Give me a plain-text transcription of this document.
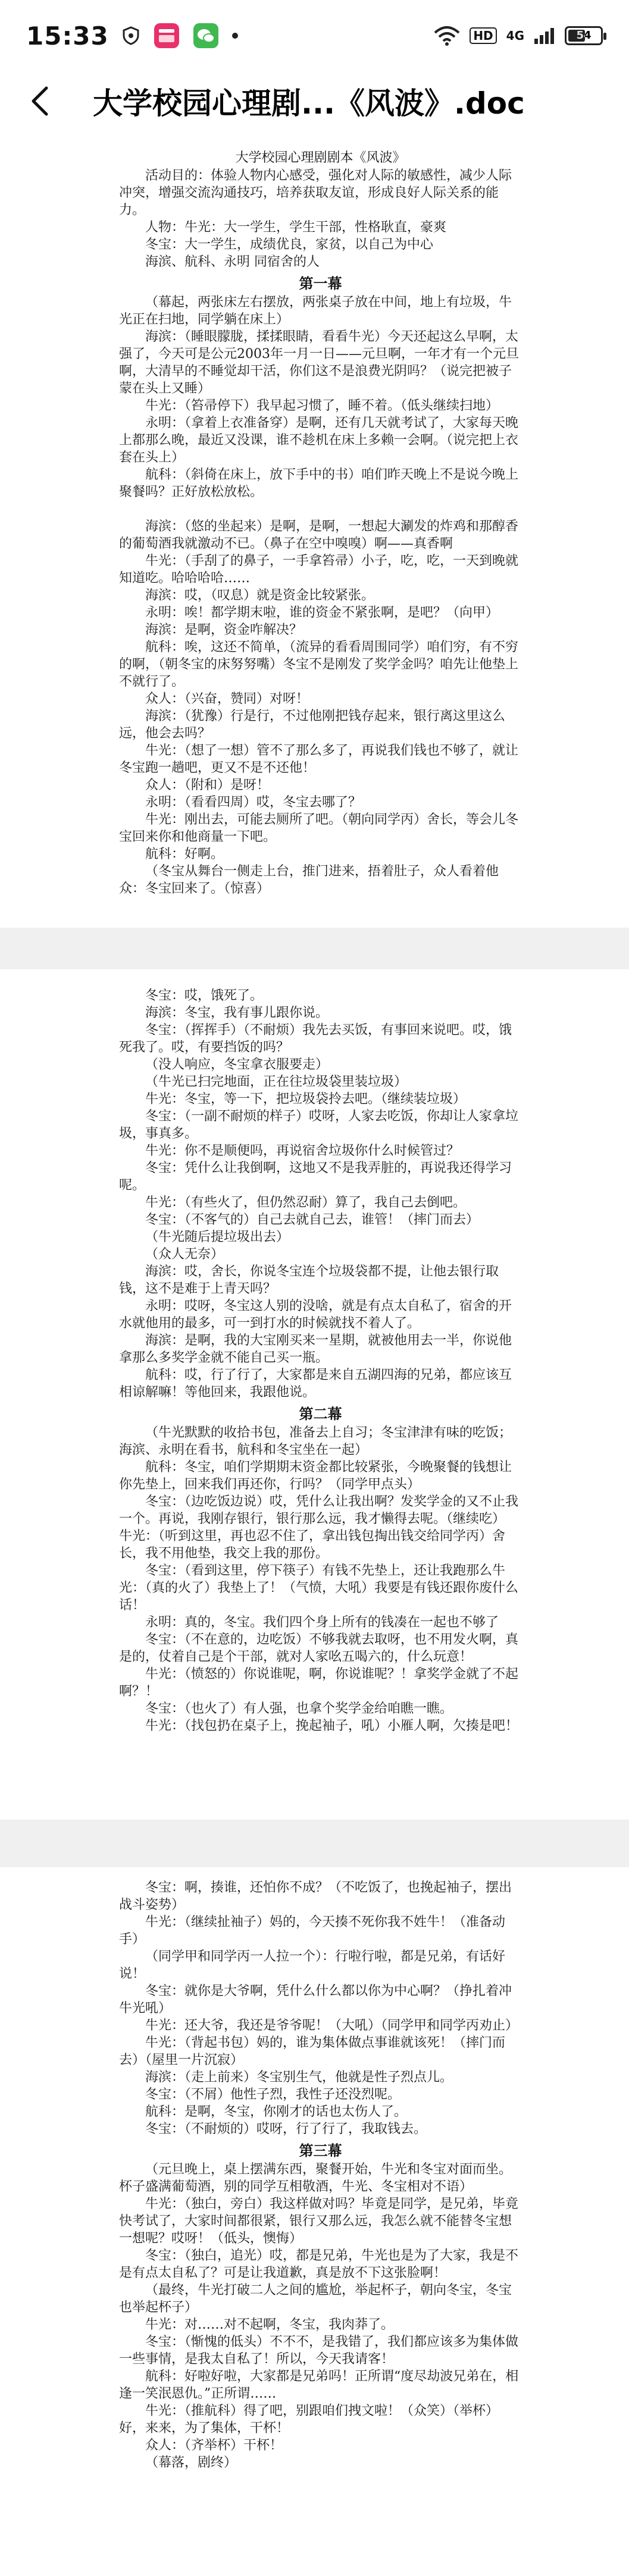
15:33	HD	4G	54
大学校园心理剧...《风波》.doc
大学校园心理剧剧本《风波》
活动目的：体验人物内心感受，强化对人际的敏感性，减少人际冲突，增强交流沟通技巧，培养获取友谊，形成良好人际关系的能力。
人物：牛光：大一学生，学生干部，性格耿直，豪爽
冬宝：大一学生，成绩优良，家贫，以自己为中心
海滨、航科、永明 同宿舍的人
第一幕
（幕起，两张床左右摆放，两张桌子放在中间，地上有垃圾，牛光正在扫地，同学躺在床上）
海滨：（睡眼朦胧，揉揉眼睛，看看牛光）今天还起这么早啊，太强了，今天可是公元2003年一月一日——元旦啊，一年才有一个元旦啊，大清早的不睡觉却干活，你们这不是浪费光阴吗？（说完把被子蒙在头上又睡）
牛光：（笞帚停下）我早起习惯了，睡不着。（低头继续扫地）
永明：（拿着上衣准备穿）是啊，还有几天就考试了，大家每天晚上都那么晚，最近又没课，谁不趁机在床上多赖一会啊。（说完把上衣套在头上）
航科：（斜倚在床上，放下手中的书）咱们昨天晚上不是说今晚上聚餐吗？正好放松放松。
海滨：（悠的坐起来）是啊，是啊，一想起大涮发的炸鸡和那醇香的葡萄酒我就激动不已。（鼻子在空中嗅嗅）啊——真香啊
牛光：（手刮了的鼻子，一手拿笞帚）小子，吃，吃，一天到晚就知道吃。哈哈哈哈……
海滨：哎，（叹息）就是资金比较紧张。
永明：唉！都学期末啦，谁的资金不紧张啊，是吧？（向甲）
海滨：是啊，资金咋解决？
航科：唉，这还不简单，（流异的看看周围同学）咱们穷，有不穷的啊，（朝冬宝的床努努嘴）冬宝不是刚发了奖学金吗？咱先让他垫上不就行了。
众人：（兴奋，赞同）对呀！
海滨：（犹豫）行是行，不过他刚把钱存起来，银行离这里这么远，他会去吗？
牛光：（想了一想）管不了那么多了，再说我们钱也不够了，就让冬宝跑一趟吧，更又不是不还他！
众人：（附和）是呀！
永明：（看看四周）哎，冬宝去哪了？
牛光：刚出去，可能去厕所了吧。（朝向同学丙）舍长，等会儿冬宝回来你和他商量一下吧。
航科：好啊。
（冬宝从舞台一侧走上台，推门进来，捂着肚子，众人看着他众：冬宝回来了。（惊喜）
冬宝：哎，饿死了。
海滨：冬宝，我有事儿跟你说。
冬宝：（挥挥手）（不耐烦）我先去买饭，有事回来说吧。哎，饿死我了。哎，有要挡饭的吗？
（没人响应，冬宝拿衣服要走）
（牛光已扫完地面，正在往垃圾袋里装垃圾）
牛光：冬宝，等一下，把垃圾袋拎去吧。（继续装垃圾）
冬宝：（一副不耐烦的样子）哎呀，人家去吃饭，你却让人家拿垃圾，事真多。
牛光：你不是顺便吗，再说宿舍垃圾你什么时候管过？
冬宝：凭什么让我倒啊，这地又不是我弄脏的，再说我还得学习呢。
牛光：（有些火了，但仍然忍耐）算了，我自己去倒吧。
冬宝：（不客气的）自己去就自己去，谁管！（摔门而去）
（牛光随后提垃圾出去）
（众人无奈）
海滨：哎，舍长，你说冬宝连个垃圾袋都不提，让他去银行取钱，这不是难于上青天吗？
永明：哎呀，冬宝这人别的没啥，就是有点太自私了，宿舍的开水就他用的最多，可一到打水的时候就找不着人了。
海滨：是啊，我的大宝刚买来一星期，就被他用去一半，你说他拿那么多奖学金就不能自己买一瓶。
航科：哎，行了行了，大家都是来自五湖四海的兄弟，都应该互相谅解嘛！等他回来，我跟他说。
第二幕
（牛光默默的收拾书包，准备去上自习；冬宝津津有味的吃饭；海滨、永明在看书，航科和冬宝坐在一起）
航科：冬宝，咱们学期期末资金都比较紧张，今晚聚餐的钱想让你先垫上，回来我们再还你，行吗？（同学甲点头）
冬宝：（边吃饭边说）哎，凭什么让我出啊？发奖学金的又不止我一个。再说，我刚存银行，银行那么远，我才懒得去呢。（继续吃） 牛光：（听到这里，再也忍不住了，拿出钱包掏出钱交给同学丙）舍长，我不用他垫，我交上我的那份。
冬宝：（看到这里，停下筷子）有钱不先垫上，还让我跑那么牛光：（真的火了）我垫上了！（气愤，大吼）我要是有钱还跟你废什么话！
永明：真的，冬宝。我们四个身上所有的钱凑在一起也不够了
冬宝：（不在意的，边吃饭）不够我就去取呀，也不用发火啊，真是的，仗着自己是个干部，就对人家吆五喝六的，什么玩意！
牛光：（愤怒的）你说谁呢，啊，你说谁呢？！拿奖学金就了不起啊？！
冬宝：（也火了）有人强，也拿个奖学金给咱瞧一瞧。
牛光：（找包扔在桌子上，挽起袖子，吼）小雁人啊，欠揍是吧！
冬宝：啊，揍谁，还怕你不成？（不吃饭了，也挽起袖子，摆出战斗姿势）
牛光：（继续扯袖子）妈的，今天揍不死你我不姓牛！（准备动手）
（同学甲和同学丙一人拉一个）：行啦行啦，都是兄弟，有话好说！
冬宝：就你是大爷啊，凭什么什么都以你为中心啊？（挣扎着冲牛光吼）
牛光：还大爷，我还是爷爷呢！（大吼）（同学甲和同学丙劝止）
牛光：（背起书包）妈的，谁为集体做点事谁就该死！（摔门而去）（屋里一片沉寂）
海滨：（走上前来）冬宝别生气，他就是性子烈点儿。
冬宝：（不屑）他性子烈，我性子还没烈呢。
航科：是啊，冬宝，你刚才的话也太伤人了。
冬宝：（不耐烦的）哎呀，行了行了，我取钱去。
第三幕
（元旦晚上，桌上摆满东西，聚餐开始，牛光和冬宝对面而坐。杯子盛满葡萄酒，别的同学互相敬酒，牛光、冬宝相对不语）
牛光：（独白，旁白）我这样做对吗？毕竟是同学，是兄弟，毕竟快考试了，大家时间都很紧，银行又那么远，我怎么就不能替冬宝想一想呢？哎呀！（低头，懊悔）
冬宝：（独白，追光）哎，都是兄弟，牛光也是为了大家，我是不是有点太自私了？可是让我道歉，真是放不下这张脸啊！
（最终，牛光打破二人之间的尴尬，举起杯子，朝向冬宝，冬宝也举起杯子）
牛光：对……对不起啊，冬宝，我肉莽了。
冬宝：（惭愧的低头）不不不，是我错了，我们都应该多为集体做一些事情，是我太自私了！所以，今天我请客！
航科：好啦好啦，大家都是兄弟吗！正所谓“度尽劫波兄弟在，相逢一笑泯恩仇。”正所谓……
牛光：（推航科）得了吧，别跟咱们拽文啦！（众笑）（举杯）好，来来，为了集体，干杯！
众人：（齐举杯）干杯！
（幕落，剧终）
